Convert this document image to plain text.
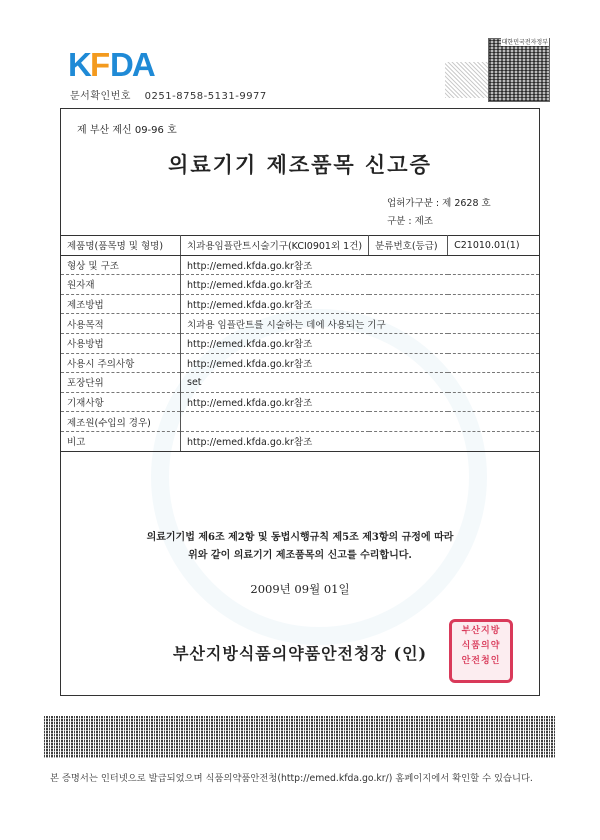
K F DA
문서확인번호 0251-8758-5131-9977
대한민국전자정부
제 부산 제신 09-96 호
의료기기 제조품목 신고증
업허가구분 : 제 2628 호
구분 : 제조
제품명(품목명 및 형명)	치과용임플란트시술기구(KCI0901외 1건)	분류번호(등급)	C21010.01(1)
형상 및 구조	http://emed.kfda.go.kr참조		
원자재	http://emed.kfda.go.kr참조		
제조방법	http://emed.kfda.go.kr참조		
사용목적	치과용 임플란트를 시술하는 데에 사용되는 기구		
사용방법	http://emed.kfda.go.kr참조		
사용시 주의사항	http://emed.kfda.go.kr참조		
포장단위	set		
기재사항	http://emed.kfda.go.kr참조		
제조원(수입의 경우)			
비고	http://emed.kfda.go.kr참조		
의료기기법 제6조 제2항 및 동법시행규칙 제5조 제3항의 규정에 따라
위와 같이 의료기기 제조품목의 신고를 수리합니다.
2009년 09월 01일
부산지방식품의약품안전청장 (인)
부산지방
식품의약
안전청인
본 증명서는 인터넷으로 발급되었으며 식품의약품안전청(http://emed.kfda.go.kr/) 홈페이지에서 확인할 수 있습니다.
